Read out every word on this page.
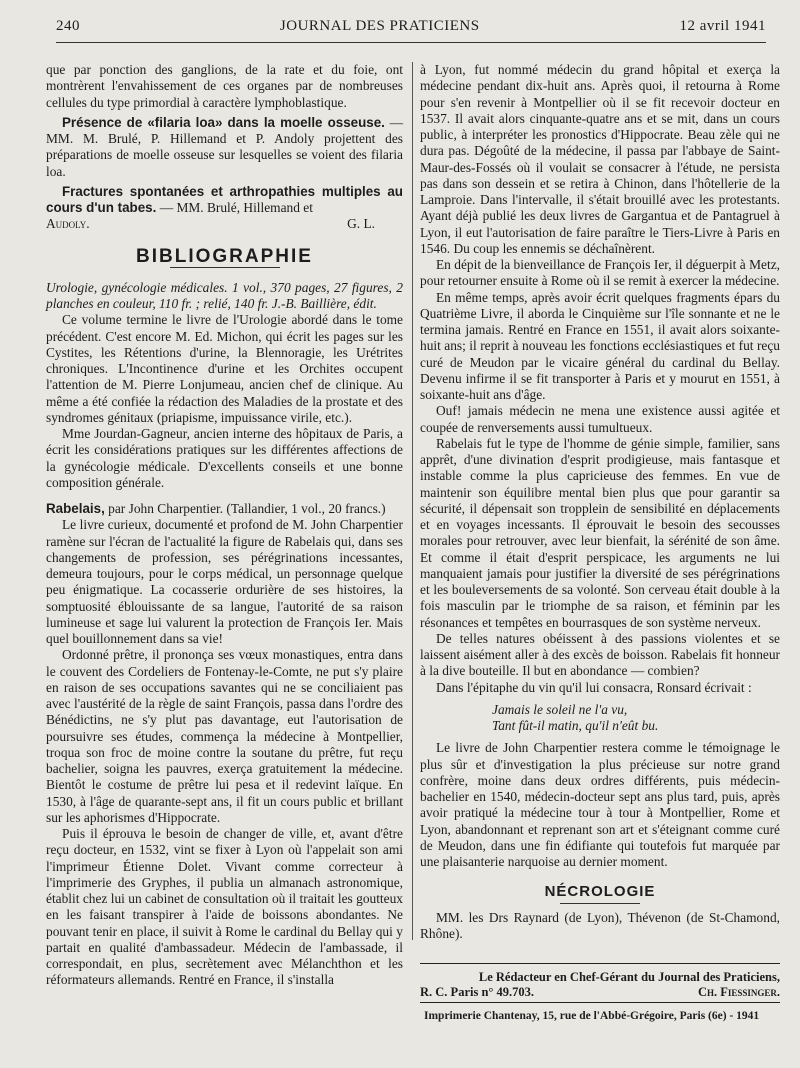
240	JOURNAL DES PRATICIENS	12 avril 1941

que par ponction des ganglions, de la rate et du foie, ont montrèrent l'envahissement de ces organes par de nombreuses cellules du type primordial à caractère lymphoblastique.

Présence de «filaria loa» dans la moelle osseuse. — MM. M. Brulé, P. Hillemand et P. Andoly projettent des préparations de moelle osseuse sur lesquelles se voient des filaria loa.

Fractures spontanées et arthropathies multiples au cours d'un tabes. — MM. Brulé, Hillemand et

Audoly.	G. L.
BIBLIOGRAPHIE

Urologie, gynécologie médicales. 1 vol., 370 pages, 27 figures, 2 planches en couleur, 110 fr. ; relié, 140 fr. J.-B. Baillière, édit.

Ce volume termine le livre de l'Urologie abordé dans le tome précédent. C'est encore M. Ed. Michon, qui écrit les pages sur les Cystites, les Rétentions d'urine, la Blennoragie, les Urétrites chroniques. L'Incontinence d'urine et les Orchites occupent l'attention de M. Pierre Lonjumeau, ancien chef de clinique. Au même a été confiée la rédaction des Maladies de la prostate et des syndromes génitaux (priapisme, impuissance virile, etc.).

Mme Jourdan-Gagneur, ancien interne des hôpitaux de Paris, a écrit les considérations pratiques sur les différentes affections de la gynécologie médicale. D'excellents conseils et une bonne composition générale.

Rabelais, par John Charpentier. (Tallandier, 1 vol., 20 francs.)

Le livre curieux, documenté et profond de M. John Charpentier ramène sur l'écran de l'actualité la figure de Rabelais qui, dans ses changements de profession, ses pérégrinations incessantes, demeura toujours, pour le corps médical, un personnage quelque peu énigmatique. La cocasserie ordurière de ses histoires, la somptuosité éblouissante de sa langue, l'autorité de sa raison lumineuse et sage lui valurent la protection de François Ier. Mais quel bouillonnement dans sa vie!

Ordonné prêtre, il prononça ses vœux monastiques, entra dans le couvent des Cordeliers de Fontenay-le-Comte, ne put s'y plaire en raison de ses occupations savantes qui ne se conciliaient pas avec l'austérité de la règle de saint François, passa dans l'ordre des Bénédictins, ne s'y plut pas davantage, eut l'autorisation de poursuivre ses études, commença la médecine à Montpellier, troqua son froc de moine contre la soutane du prêtre, fut reçu bachelier, soigna les pauvres, exerça gratuitement la médecine. Bientôt le costume de prêtre lui pesa et il redevint laïque. En 1530, à l'âge de quarante-sept ans, il fit un cours public et brillant sur les aphorismes d'Hippocrate.

Puis il éprouva le besoin de changer de ville, et, avant d'être reçu docteur, en 1532, vint se fixer à Lyon où l'appelait son ami l'imprimeur Étienne Dolet. Vivant comme correcteur à l'imprimerie des Gryphes, il publia un almanach astronomique, établit chez lui un cabinet de consultation où il traitait les goutteux en les faisant transpirer à l'aide de boissons abondantes. Ne pouvant tenir en place, il suivit à Rome le cardinal du Bellay qui y partait en qualité d'ambassadeur. Médecin de l'ambassade, il correspondait, en plus, secrètement avec Mélanchthon et les réformateurs allemands. Rentré en France, il s'installa

à Lyon, fut nommé médecin du grand hôpital et exerça la médecine pendant dix-huit ans. Après quoi, il retourna à Rome pour s'en revenir à Montpellier où il se fit recevoir docteur en 1537. Il avait alors cinquante-quatre ans et se mit, dans un cours public, à interpréter les pronostics d'Hippocrate. Beau zèle qui ne dura pas. Dégoûté de la médecine, il passa par l'abbaye de Saint-Maur-des-Fossés où il voulait se consacrer à l'étude, ne persista pas dans son dessein et se retira à Chinon, dans l'hôtellerie de la Lamproie. Dans l'intervalle, il s'était brouillé avec les protestants. Ayant déjà publié les deux livres de Gargantua et de Pantagruel à Lyon, il eut l'autorisation de faire paraître le Tiers-Livre à Paris en 1546. Du coup les ennemis se déchaînèrent.

En dépit de la bienveillance de François Ier, il déguerpit à Metz, pour retourner ensuite à Rome où il se remit à exercer la médecine.

En même temps, après avoir écrit quelques fragments épars du Quatrième Livre, il aborda le Cinquième sur l'île sonnante et ne le termina jamais. Rentré en France en 1551, il avait alors soixante-huit ans; il reprit à nouveau les fonctions ecclésiastiques et fut reçu curé de Meudon par le vicaire général du cardinal du Bellay. Devenu infirme il se fit transporter à Paris et y mourut en 1551, à soixante-huit ans d'âge.

Ouf! jamais médecin ne mena une existence aussi agitée et coupée de renversements aussi tumultueux.

Rabelais fut le type de l'homme de génie simple, familier, sans apprêt, d'une divination d'esprit prodigieuse, mais fantasque et instable comme la plus capricieuse des femmes. En vue de maintenir son équilibre mental bien plus que pour garantir sa sécurité, il dépensait son tropplein de sensibilité en déplacements et en voyages incessants. Il éprouvait le besoin des secousses morales pour retrouver, avec leur bienfait, la sérénité de son âme. Et comme il était d'esprit perspicace, les arguments ne lui manquaient jamais pour justifier la diversité de ses pérégrinations et les bouleversements de sa volonté. Son cerveau était double à la fois masculin par le triomphe de sa raison, et féminin par les résonances et tempêtes en bourrasques de son système nerveux.

De telles natures obéissent à des passions violentes et se laissent aisément aller à des excès de boisson. Rabelais fit honneur à la dive bouteille. Il but en abondance — combien?

Dans l'épitaphe du vin qu'il lui consacra, Ronsard écrivait :

Jamais le soleil ne l'a vu,
Tant fût-il matin, qu'il n'eût bu.

Le livre de John Charpentier restera comme le témoignage le plus sûr et d'investigation la plus précieuse sur notre grand confrère, moine dans deux ordres différents, puis médecin-bachelier en 1540, médecin-docteur sept ans plus tard, puis, après avoir pratiqué la médecine tour à tour à Montpellier, Rome et Lyon, abandonnant et reprenant son art et s'éteignant comme curé de Meudon, dans une fin édifiante qui toutefois fut marquée par une plaisanterie narquoise au dernier moment.

NÉCROLOGIE

MM. les Drs Raynard (de Lyon), Thévenon (de St-Chamond, Rhône).

Le Rédacteur en Chef-Gérant du Journal des Praticiens,
R. C. Paris n° 49.703.	Ch. Fiessinger.
Imprimerie Chantenay, 15, rue de l'Abbé-Grégoire, Paris (6e) - 1941
